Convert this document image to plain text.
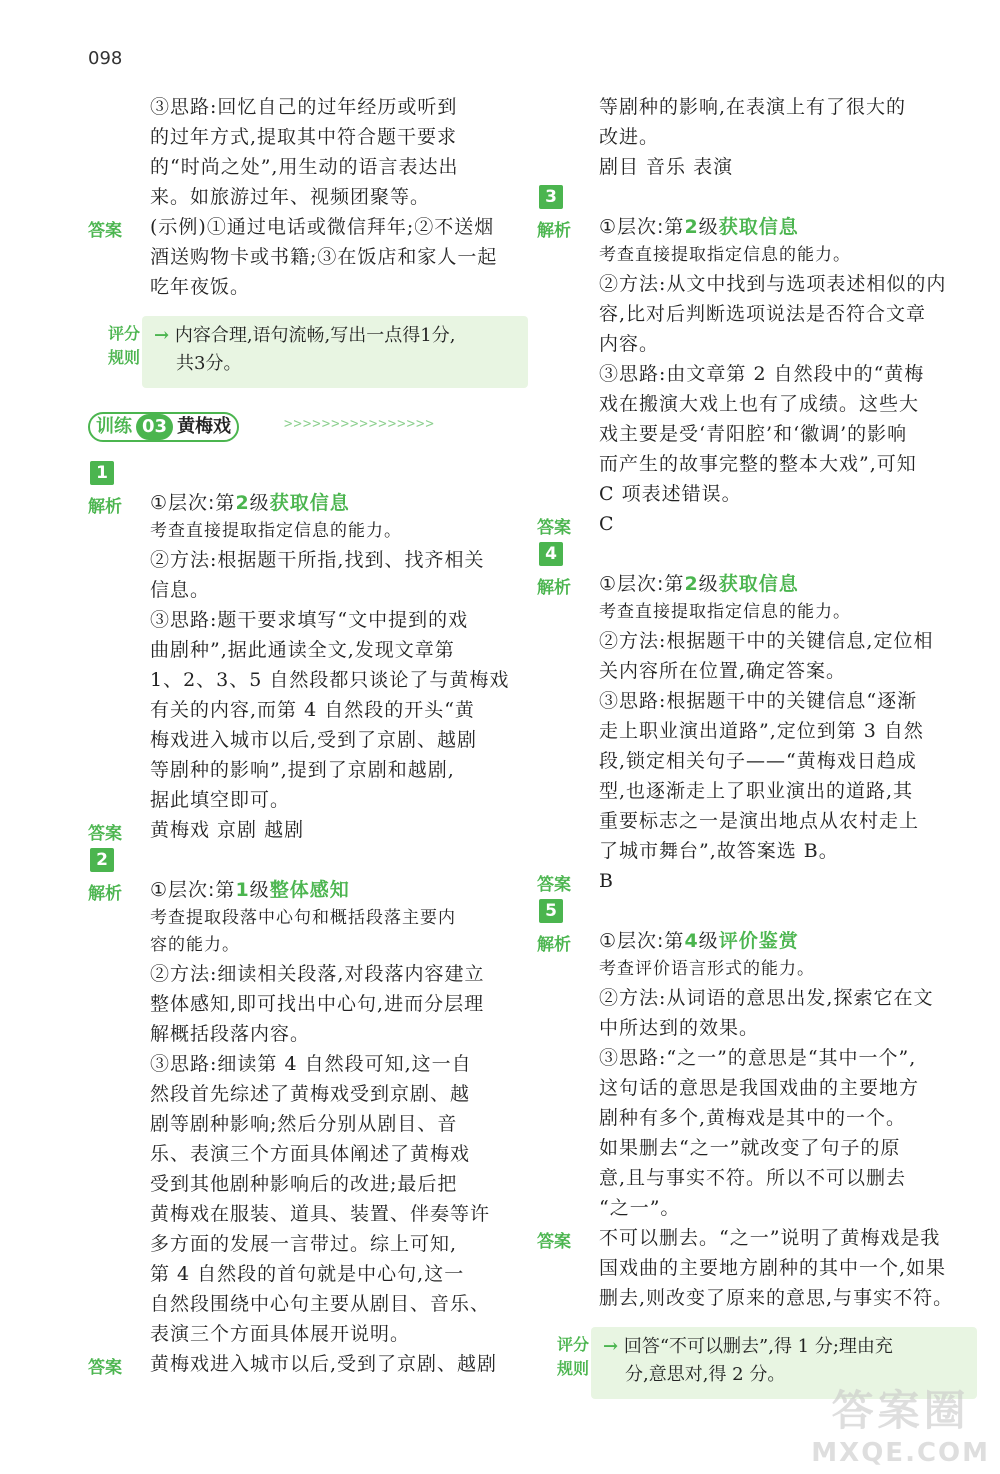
098
③思路:回忆自己的过年经历或听到
的过年方式,提取其中符合题干要求
的“时尚之处”,用生动的语言表达出
来。如旅游过年、视频团聚等。
答案 (示例)①通过电话或微信拜年;②不送烟
酒送购物卡或书籍;③在饭店和家人一起
吃年夜饭。
评分
规则
→ 内容合理,语句流畅,写出一点得1分,
共3分。
训练 03 黄梅戏	>>>>>>>>>>>>>>>>
1
解析 ①层次:第2级获取信息
考查直接提取指定信息的能力。
②方法:根据题干所指,找到、找齐相关
信息。
③思路:题干要求填写“文中提到的戏
曲剧种”,据此通读全文,发现文章第
1、2、3、5 自然段都只谈论了与黄梅戏
有关的内容,而第 4 自然段的开头“黄
梅戏进入城市以后,受到了京剧、越剧
等剧种的影响”,提到了京剧和越剧,
据此填空即可。
答案 黄梅戏 京剧 越剧
2
解析 ①层次:第1级整体感知
考查提取段落中心句和概括段落主要内
容的能力。
②方法:细读相关段落,对段落内容建立
整体感知,即可找出中心句,进而分层理
解概括段落内容。
③思路:细读第 4 自然段可知,这一自
然段首先综述了黄梅戏受到京剧、越
剧等剧种影响;然后分别从剧目、音
乐、表演三个方面具体阐述了黄梅戏
受到其他剧种影响后的改进;最后把
黄梅戏在服装、道具、装置、伴奏等许
多方面的发展一言带过。综上可知,
第 4 自然段的首句就是中心句,这一
自然段围绕中心句主要从剧目、音乐、
表演三个方面具体展开说明。
答案 黄梅戏进入城市以后,受到了京剧、越剧
等剧种的影响,在表演上有了很大的
改进。
剧目 音乐 表演
3
解析 ①层次:第2级获取信息
考查直接提取指定信息的能力。
②方法:从文中找到与选项表述相似的内
容,比对后判断选项说法是否符合文章
内容。
③思路:由文章第 2 自然段中的“黄梅
戏在搬演大戏上也有了成绩。这些大
戏主要是受‘青阳腔’和‘徽调’的影响
而产生的故事完整的整本大戏”,可知
C 项表述错误。
答案 C
4
解析 ①层次:第2级获取信息
考查直接提取指定信息的能力。
②方法:根据题干中的关键信息,定位相
关内容所在位置,确定答案。
③思路:根据题干中的关键信息“逐渐
走上职业演出道路”,定位到第 3 自然
段,锁定相关句子——“黄梅戏日趋成
型,也逐渐走上了职业演出的道路,其
重要标志之一是演出地点从农村走上
了城市舞台”,故答案选 B。
答案 B
5
解析 ①层次:第4级评价鉴赏
考查评价语言形式的能力。
②方法:从词语的意思出发,探索它在文
中所达到的效果。
③思路:“之一”的意思是“其中一个”,
这句话的意思是我国戏曲的主要地方
剧种有多个,黄梅戏是其中的一个。
如果删去“之一”就改变了句子的原
意,且与事实不符。所以不可以删去
“之一”。
答案 不可以删去。“之一”说明了黄梅戏是我
国戏曲的主要地方剧种的其中一个,如果
删去,则改变了原来的意思,与事实不符。
评分
规则
→ 回答“不可以删去”,得 1 分;理由充
分,意思对,得 2 分。
答案圈
MXQE.COM
